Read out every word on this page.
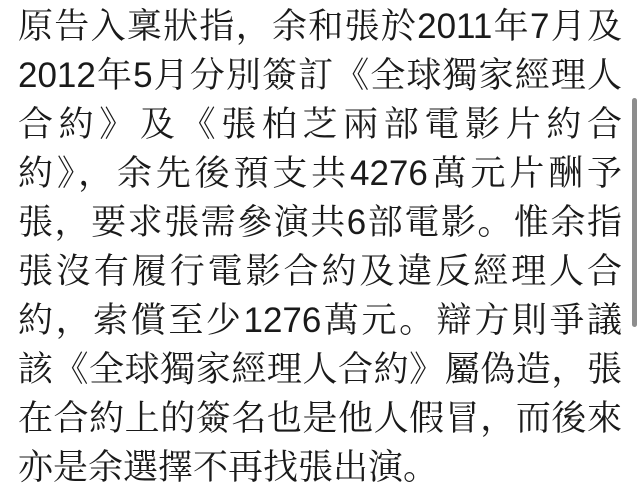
原告入稟狀指，余和張於2011年7月及
2012年5月分別簽訂《全球獨家經理人
合約》及《張柏芝兩部電影片約合
約》，余先後預支共4276萬元片酬予
張，要求張需參演共6部電影。惟余指
張沒有履行電影合約及違反經理人合
約，索償至少1276萬元。辯方則爭議
該《全球獨家經理人合約》屬偽造，張
在合約上的簽名也是他人假冒，而後來
亦是余選擇不再找張出演。
